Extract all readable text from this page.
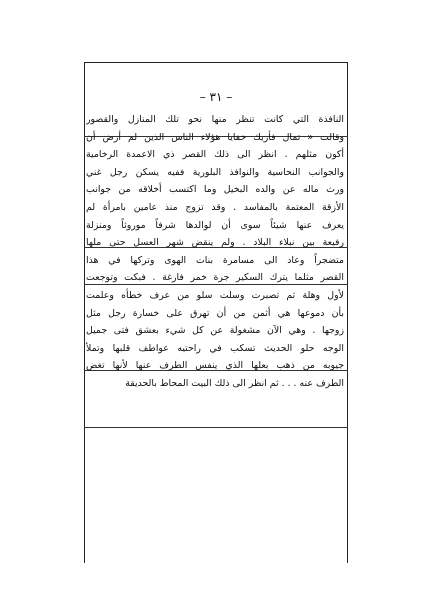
– ٣١ –
النافذة التي كانت تنظر منها نحو تلك المنازل والقصور
وقالت « تمال فأريك خفايا هؤلاء الناس الذين لم أرض أن
أكون مثلهم . انظر الى ذلك القصر ذي الاعمدة الرخامية
والجوانب النحاسية والنوافذ البلورية ففيه يسكن رجل غني
ورث ماله عن والده البخيل وما اكتسب أخلاقه من جوانب
الأزقة المعتمة بالمفاسد . وقد تزوج منذ عامين بامرأة لم
يعرف عنها شيئاً سوى أن لوالدها شرفاً موروثاً ومنزلة
رفيعة بين نبلاء البلاد . ولم ينقض شهر العسل حتى ملها
متضجراً وعاد الى مسامرة بنات الهوى وتركها في هذا
القصر مثلما يترك السكير جرة خمر فارغة . فبكت وتوجعت
لأول وهلة ثم تصبرت وسلت سلو من عرف خطأه وعلمت
بأن دموعها هي أثمن من أن تهرق على خسارة رجل مثل
زوجها . وهي الآن مشغولة عن كل شيء بعشق فتى جميل
الوجه حلو الحديث تسكب في راحتيه عواطف قلبها وتملأ
جيوبه من ذهب بعلها الذي ينفس الطرف عنها لأنها تغض
الطرف عنه . . . ثم انظر الى ذلك البيت المحاط بالحديقة
